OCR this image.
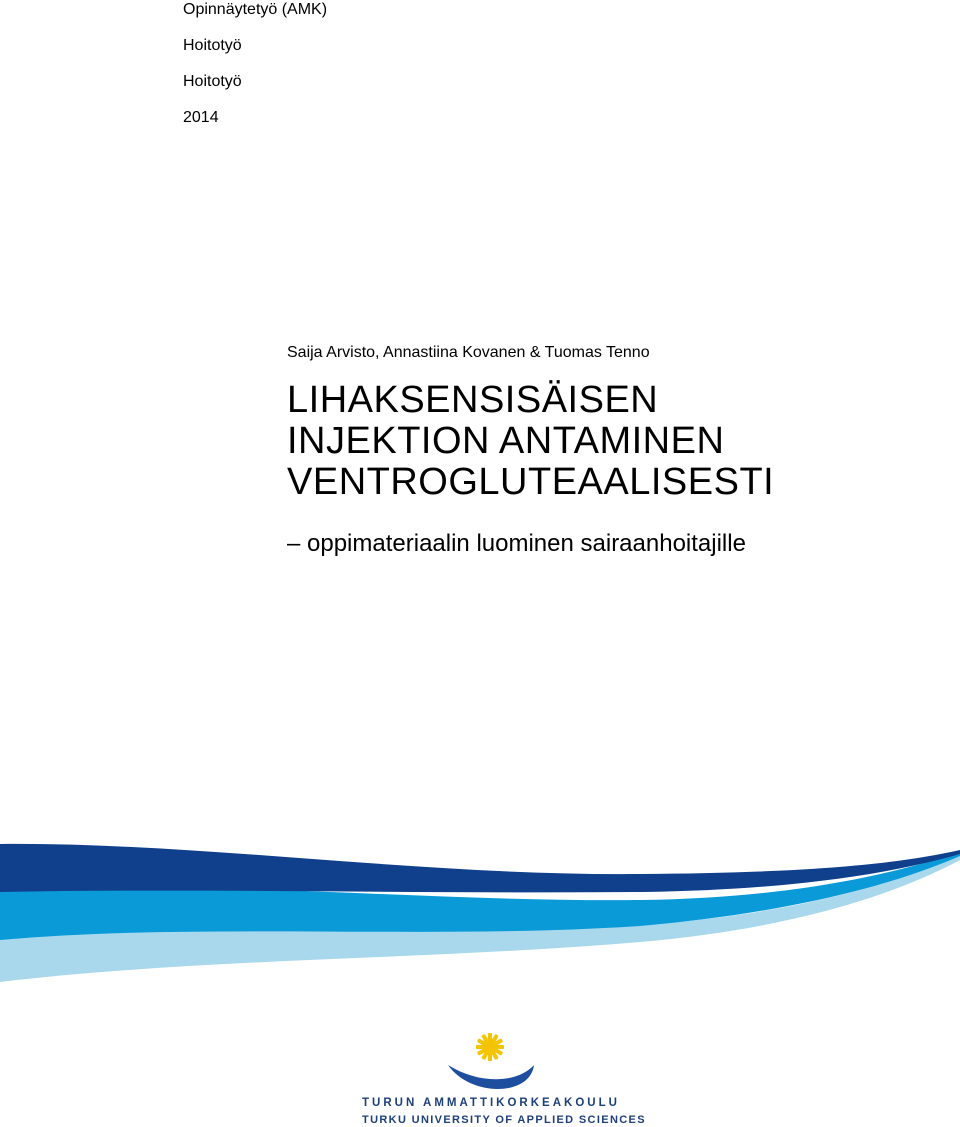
Opinnäytetyö (AMK)
Hoitotyö
Hoitotyö
2014
Saija Arvisto, Annastiina Kovanen & Tuomas Tenno
LIHAKSENSISÄISEN
INJEKTION ANTAMINEN
VENTROGLUTEAALISESTI
– oppimateriaalin luominen sairaanhoitajille
TURUN AMMATTIKORKEAKOULU
TURKU UNIVERSITY OF APPLIED SCIENCES
